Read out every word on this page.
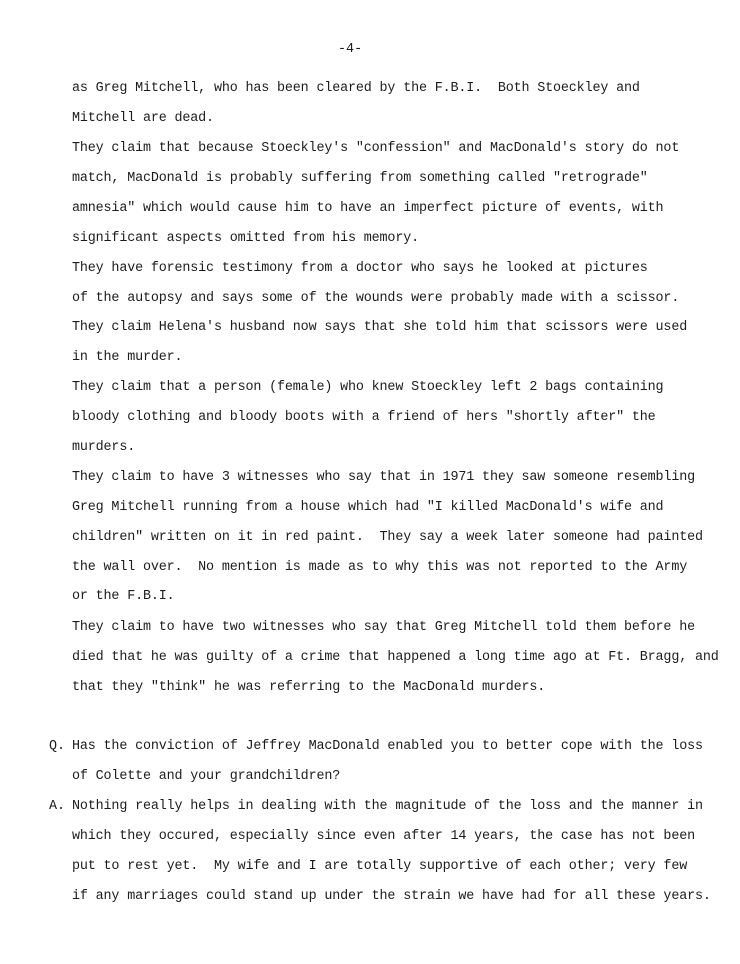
-4-
as Greg Mitchell, who has been cleared by the F.B.I.  Both Stoeckley and
Mitchell are dead.
They claim that because Stoeckley's "confession" and MacDonald's story do not
match, MacDonald is probably suffering from something called "retrograde"
amnesia" which would cause him to have an imperfect picture of events, with
significant aspects omitted from his memory.
They have forensic testimony from a doctor who says he looked at pictures
of the autopsy and says some of the wounds were probably made with a scissor.
They claim Helena's husband now says that she told him that scissors were used
in the murder.
They claim that a person (female) who knew Stoeckley left 2 bags containing
bloody clothing and bloody boots with a friend of hers "shortly after" the
murders.
They claim to have 3 witnesses who say that in 1971 they saw someone resembling
Greg Mitchell running from a house which had "I killed MacDonald's wife and
children" written on it in red paint.  They say a week later someone had painted
the wall over.  No mention is made as to why this was not reported to the Army
or the F.B.I.
They claim to have two witnesses who say that Greg Mitchell told them before he
died that he was guilty of a crime that happened a long time ago at Ft. Bragg, and
that they "think" he was referring to the MacDonald murders.
Q. Has the conviction of Jeffrey MacDonald enabled you to better cope with the loss
of Colette and your grandchildren?
A. Nothing really helps in dealing with the magnitude of the loss and the manner in
which they occured, especially since even after 14 years, the case has not been
put to rest yet.  My wife and I are totally supportive of each other; very few
if any marriages could stand up under the strain we have had for all these years.
